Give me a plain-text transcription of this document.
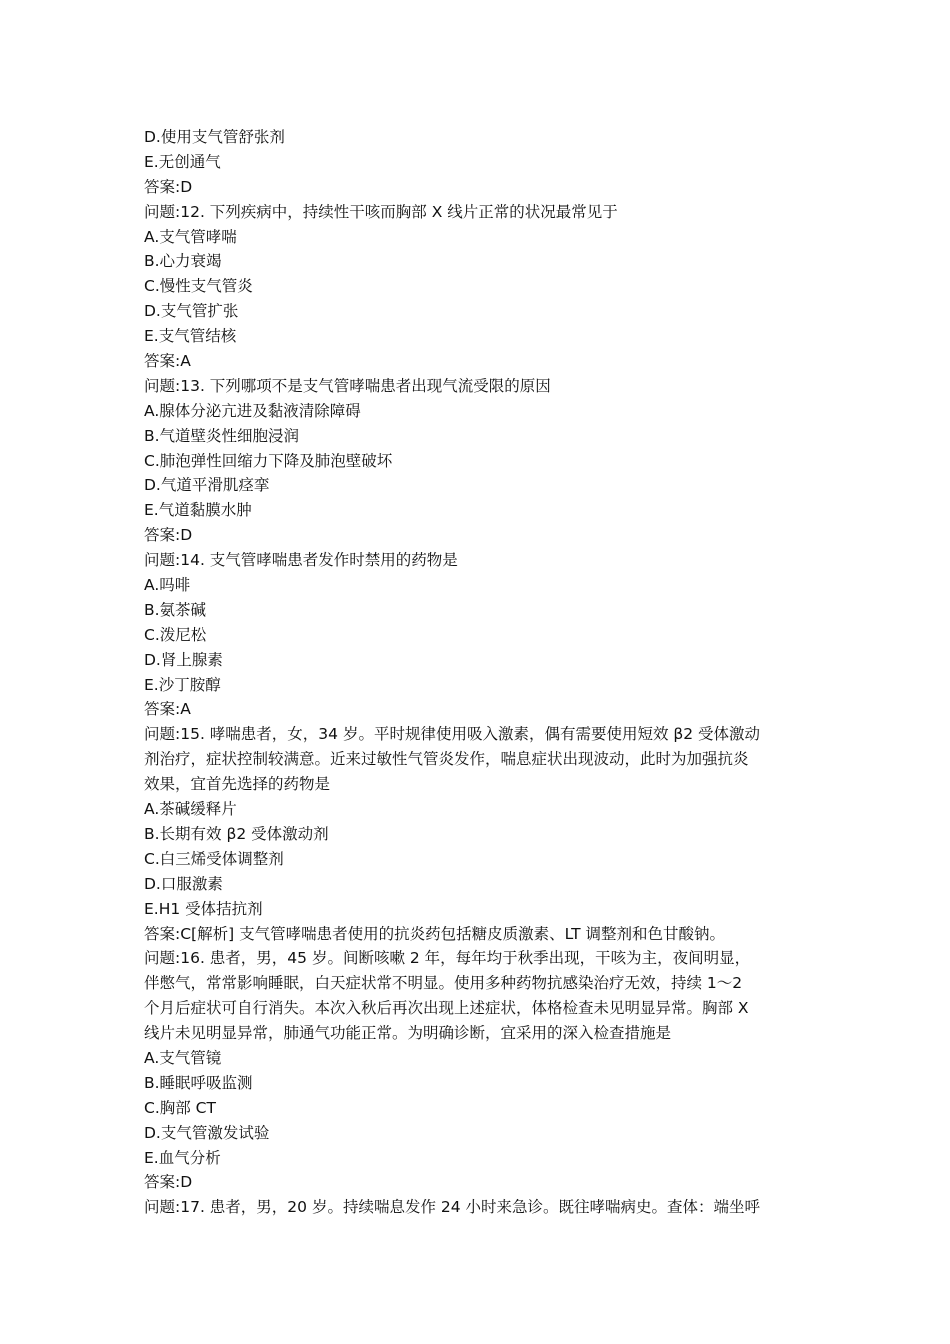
D.使用支气管舒张剂
E.无创通气
答案:D
问题:12. 下列疾病中，持续性干咳而胸部 X 线片正常的状况最常见于
A.支气管哮喘
B.心力衰竭
C.慢性支气管炎
D.支气管扩张
E.支气管结核
答案:A
问题:13. 下列哪项不是支气管哮喘患者出现气流受限的原因
A.腺体分泌亢进及黏液清除障碍
B.气道壁炎性细胞浸润
C.肺泡弹性回缩力下降及肺泡壁破坏
D.气道平滑肌痉挛
E.气道黏膜水肿
答案:D
问题:14. 支气管哮喘患者发作时禁用的药物是
A.吗啡
B.氨茶碱
C.泼尼松
D.肾上腺素
E.沙丁胺醇
答案:A
问题:15. 哮喘患者，女，34 岁。平时规律使用吸入激素，偶有需要使用短效 β2 受体激动
剂治疗，症状控制较满意。近来过敏性气管炎发作，喘息症状出现波动，此时为加强抗炎
效果，宜首先选择的药物是
A.茶碱缓释片
B.长期有效 β2 受体激动剂
C.白三烯受体调整剂
D.口服激素
E.H1 受体拮抗剂
答案:C[解析] 支气管哮喘患者使用的抗炎药包括糖皮质激素、LT 调整剂和色甘酸钠。
问题:16. 患者，男，45 岁。间断咳嗽 2 年，每年均于秋季出现，干咳为主，夜间明显，
伴憋气，常常影响睡眠，白天症状常不明显。使用多种药物抗感染治疗无效，持续 1～2
个月后症状可自行消失。本次入秋后再次出现上述症状，体格检查未见明显异常。胸部 X
线片未见明显异常，肺通气功能正常。为明确诊断，宜采用的深入检查措施是
A.支气管镜
B.睡眠呼吸监测
C.胸部 CT
D.支气管激发试验
E.血气分析
答案:D
问题:17. 患者，男，20 岁。持续喘息发作 24 小时来急诊。既往哮喘病史。查体：端坐呼
